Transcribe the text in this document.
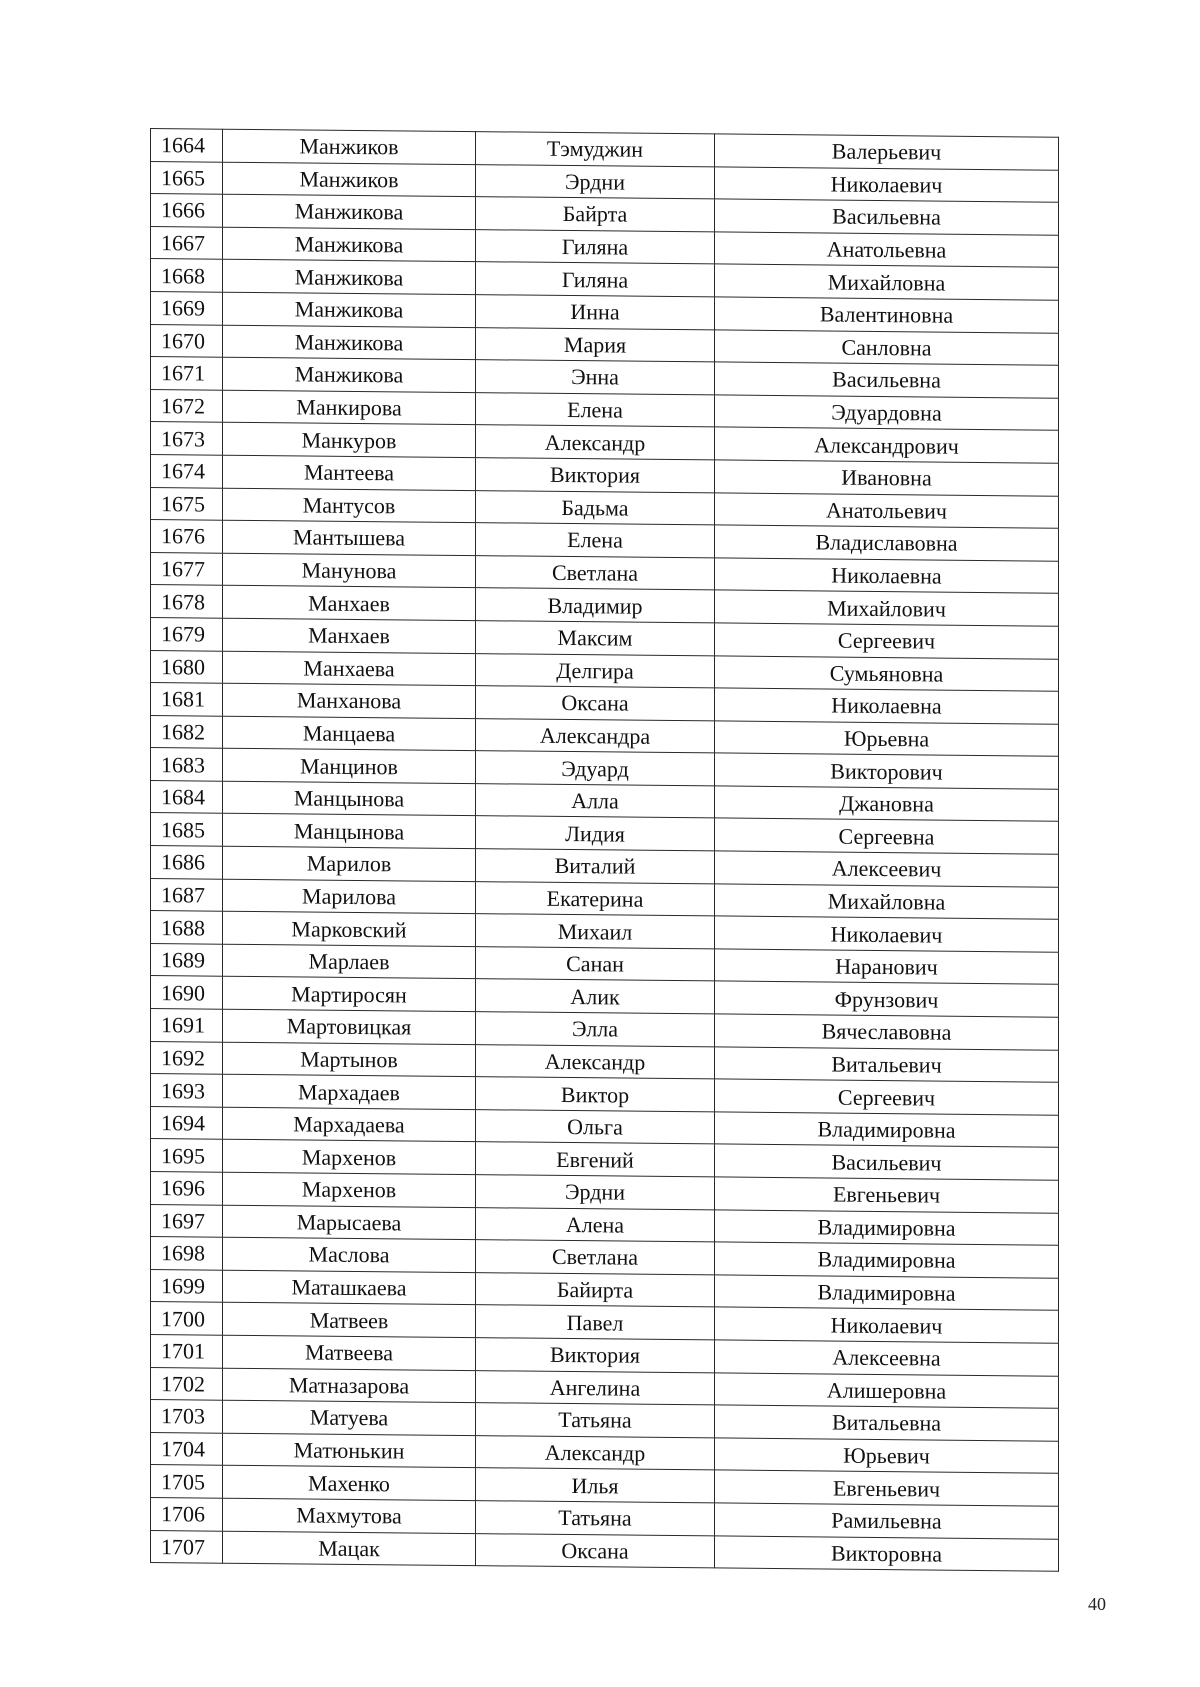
1664	Манжиков	Тэмуджин	Валерьевич
1665	Манжиков	Эрдни	Николаевич
1666	Манжикова	Байрта	Васильевна
1667	Манжикова	Гиляна	Анатольевна
1668	Манжикова	Гиляна	Михайловна
1669	Манжикова	Инна	Валентиновна
1670	Манжикова	Мария	Санловна
1671	Манжикова	Энна	Васильевна
1672	Манкирова	Елена	Эдуардовна
1673	Манкуров	Александр	Александрович
1674	Мантеева	Виктория	Ивановна
1675	Мантусов	Бадьма	Анатольевич
1676	Мантышева	Елена	Владиславовна
1677	Манунова	Светлана	Николаевна
1678	Манхаев	Владимир	Михайлович
1679	Манхаев	Максим	Сергеевич
1680	Манхаева	Делгира	Сумьяновна
1681	Манханова	Оксана	Николаевна
1682	Манцаева	Александра	Юрьевна
1683	Манцинов	Эдуард	Викторович
1684	Манцынова	Алла	Джановна
1685	Манцынова	Лидия	Сергеевна
1686	Марилов	Виталий	Алексеевич
1687	Марилова	Екатерина	Михайловна
1688	Марковский	Михаил	Николаевич
1689	Марлаев	Санан	Наранович
1690	Мартиросян	Алик	Фрунзович
1691	Мартовицкая	Элла	Вячеславовна
1692	Мартынов	Александр	Витальевич
1693	Мархадаев	Виктор	Сергеевич
1694	Мархадаева	Ольга	Владимировна
1695	Марxенов	Евгений	Васильевич
1696	Марxенов	Эрдни	Евгеньевич
1697	Марысаева	Алена	Владимировна
1698	Маслова	Светлана	Владимировна
1699	Маташкаева	Байирта	Владимировна
1700	Матвеев	Павел	Николаевич
1701	Матвеева	Виктория	Алексеевна
1702	Матназарова	Ангелина	Алишеровна
1703	Матуева	Татьяна	Витальевна
1704	Матюнькин	Александр	Юрьевич
1705	Махенко	Илья	Евгеньевич
1706	Махмутова	Татьяна	Рамильевна
1707	Мацак	Оксана	Викторовна
40
